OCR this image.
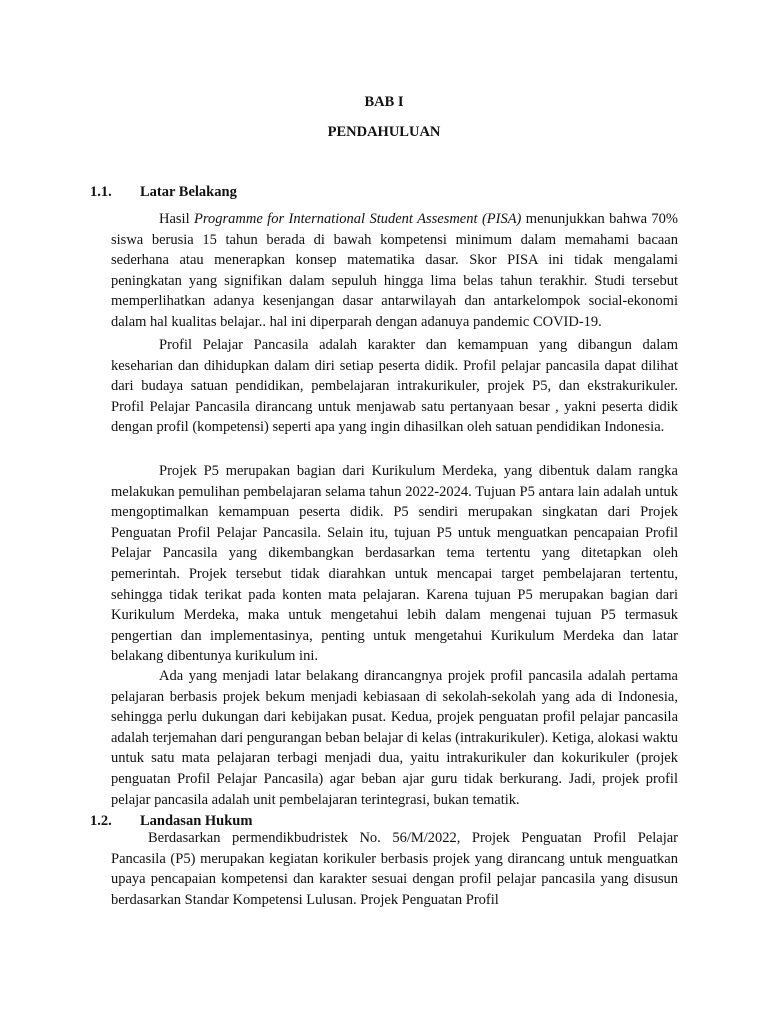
BAB I
PENDAHULUAN
1.1. Latar Belakang

Hasil Programme for International Student Assesment (PISA) menunjukkan bahwa 70% siswa berusia 15 tahun berada di bawah kompetensi minimum dalam memahami bacaan sederhana atau menerapkan konsep matematika dasar. Skor PISA ini tidak mengalami peningkatan yang signifikan dalam sepuluh hingga lima belas tahun terakhir. Studi tersebut memperlihatkan adanya kesenjangan dasar antarwilayah dan antarkelompok social-ekonomi dalam hal kualitas belajar.. hal ini diperparah dengan adanuya pandemic COVID-19.

Profil Pelajar Pancasila adalah karakter dan kemampuan yang dibangun dalam keseharian dan dihidupkan dalam diri setiap peserta didik. Profil pelajar pancasila dapat dilihat dari budaya satuan pendidikan, pembelajaran intrakurikuler, projek P5, dan ekstrakurikuler. Profil Pelajar Pancasila dirancang untuk menjawab satu pertanyaan besar , yakni peserta didik dengan profil (kompetensi) seperti apa yang ingin dihasilkan oleh satuan pendidikan Indonesia.

Projek P5 merupakan bagian dari Kurikulum Merdeka, yang dibentuk dalam rangka melakukan pemulihan pembelajaran selama tahun 2022-2024. Tujuan P5 antara lain adalah untuk mengoptimalkan kemampuan peserta didik. P5 sendiri merupakan singkatan dari Projek Penguatan Profil Pelajar Pancasila. Selain itu, tujuan P5 untuk menguatkan pencapaian Profil Pelajar Pancasila yang dikembangkan berdasarkan tema tertentu yang ditetapkan oleh pemerintah. Projek tersebut tidak diarahkan untuk mencapai target pembelajaran tertentu, sehingga tidak terikat pada konten mata pelajaran. Karena tujuan P5 merupakan bagian dari Kurikulum Merdeka, maka untuk mengetahui lebih dalam mengenai tujuan P5 termasuk pengertian dan implementasinya, penting untuk mengetahui Kurikulum Merdeka dan latar belakang dibentunya kurikulum ini.

Ada yang menjadi latar belakang dirancangnya projek profil pancasila adalah pertama pelajaran berbasis projek bekum menjadi kebiasaan di sekolah-sekolah yang ada di Indonesia, sehingga perlu dukungan dari kebijakan pusat. Kedua, projek penguatan profil pelajar pancasila adalah terjemahan dari pengurangan beban belajar di kelas (intrakurikuler). Ketiga, alokasi waktu untuk satu mata pelajaran terbagi menjadi dua, yaitu intrakurikuler dan kokurikuler (projek penguatan Profil Pelajar Pancasila) agar beban ajar guru tidak berkurang. Jadi, projek profil pelajar pancasila adalah unit pembelajaran terintegrasi, bukan tematik.

1.2. Landasan Hukum

Berdasarkan permendikbudristek No. 56/M/2022, Projek Penguatan Profil Pelajar Pancasila (P5) merupakan kegiatan korikuler berbasis projek yang dirancang untuk menguatkan upaya pencapaian kompetensi dan karakter sesuai dengan profil pelajar pancasila yang disusun berdasarkan Standar Kompetensi Lulusan. Projek Penguatan Profil
